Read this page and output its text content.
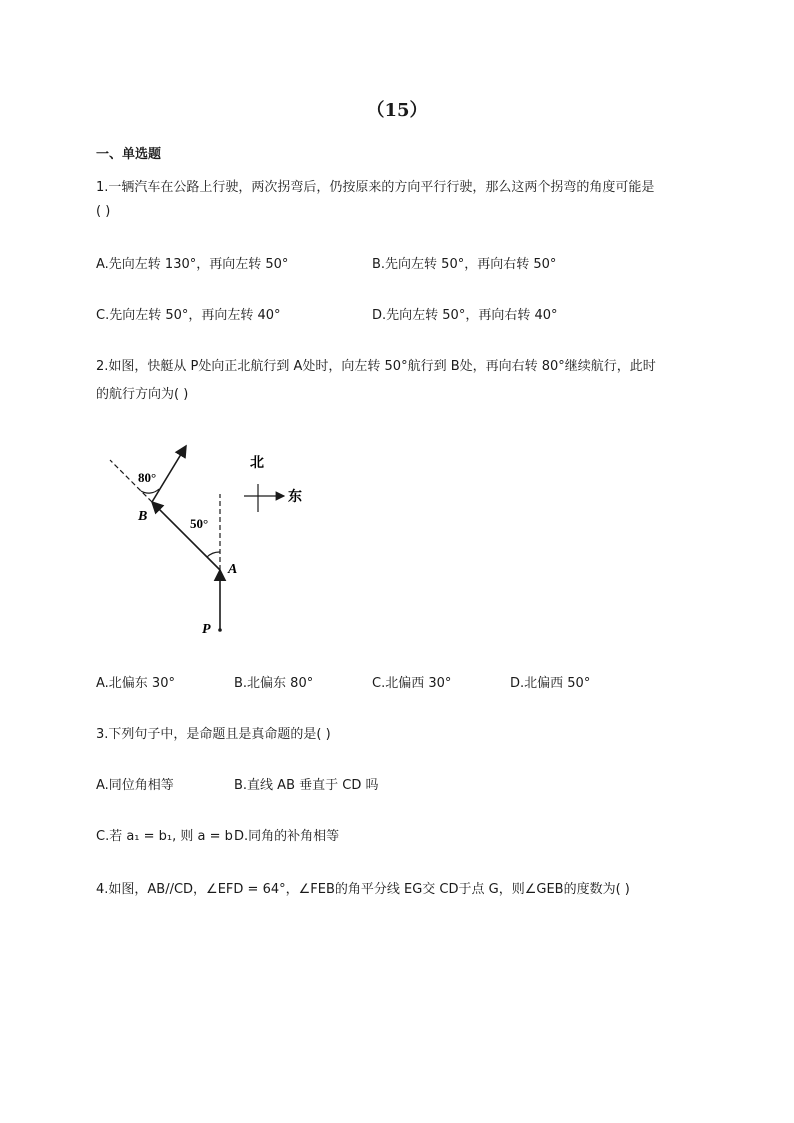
（15）
一、单选题
1.一辆汽车在公路上行驶，两次拐弯后，仍按原来的方向平行行驶，那么这两个拐弯的角度可能是
( )
A.先向左转 130°，再向左转 50°	B.先向左转 50°，再向右转 50°
C.先向左转 50°，再向左转 40°	D.先向左转 50°，再向右转 40°
2.如图，快艇从 P处向正北航行到 A处时，向左转 50°航行到 B处，再向右转 80°继续航行，此时
的航行方向为( )
80°
50°
B
A
P
北
东
A.北偏东 30°	B.北偏东 80°	C.北偏西 30°	D.北偏西 50°
3.下列句子中，是命题且是真命题的是( )
A.同位角相等	B.直线 AB 垂直于 CD 吗
C.若 a₁ = b₁, 则 a = b D.同角的补角相等
4.如图，AB//CD，∠EFD = 64°，∠FEB的角平分线 EG交 CD于点 G，则∠GEB的度数为( )
